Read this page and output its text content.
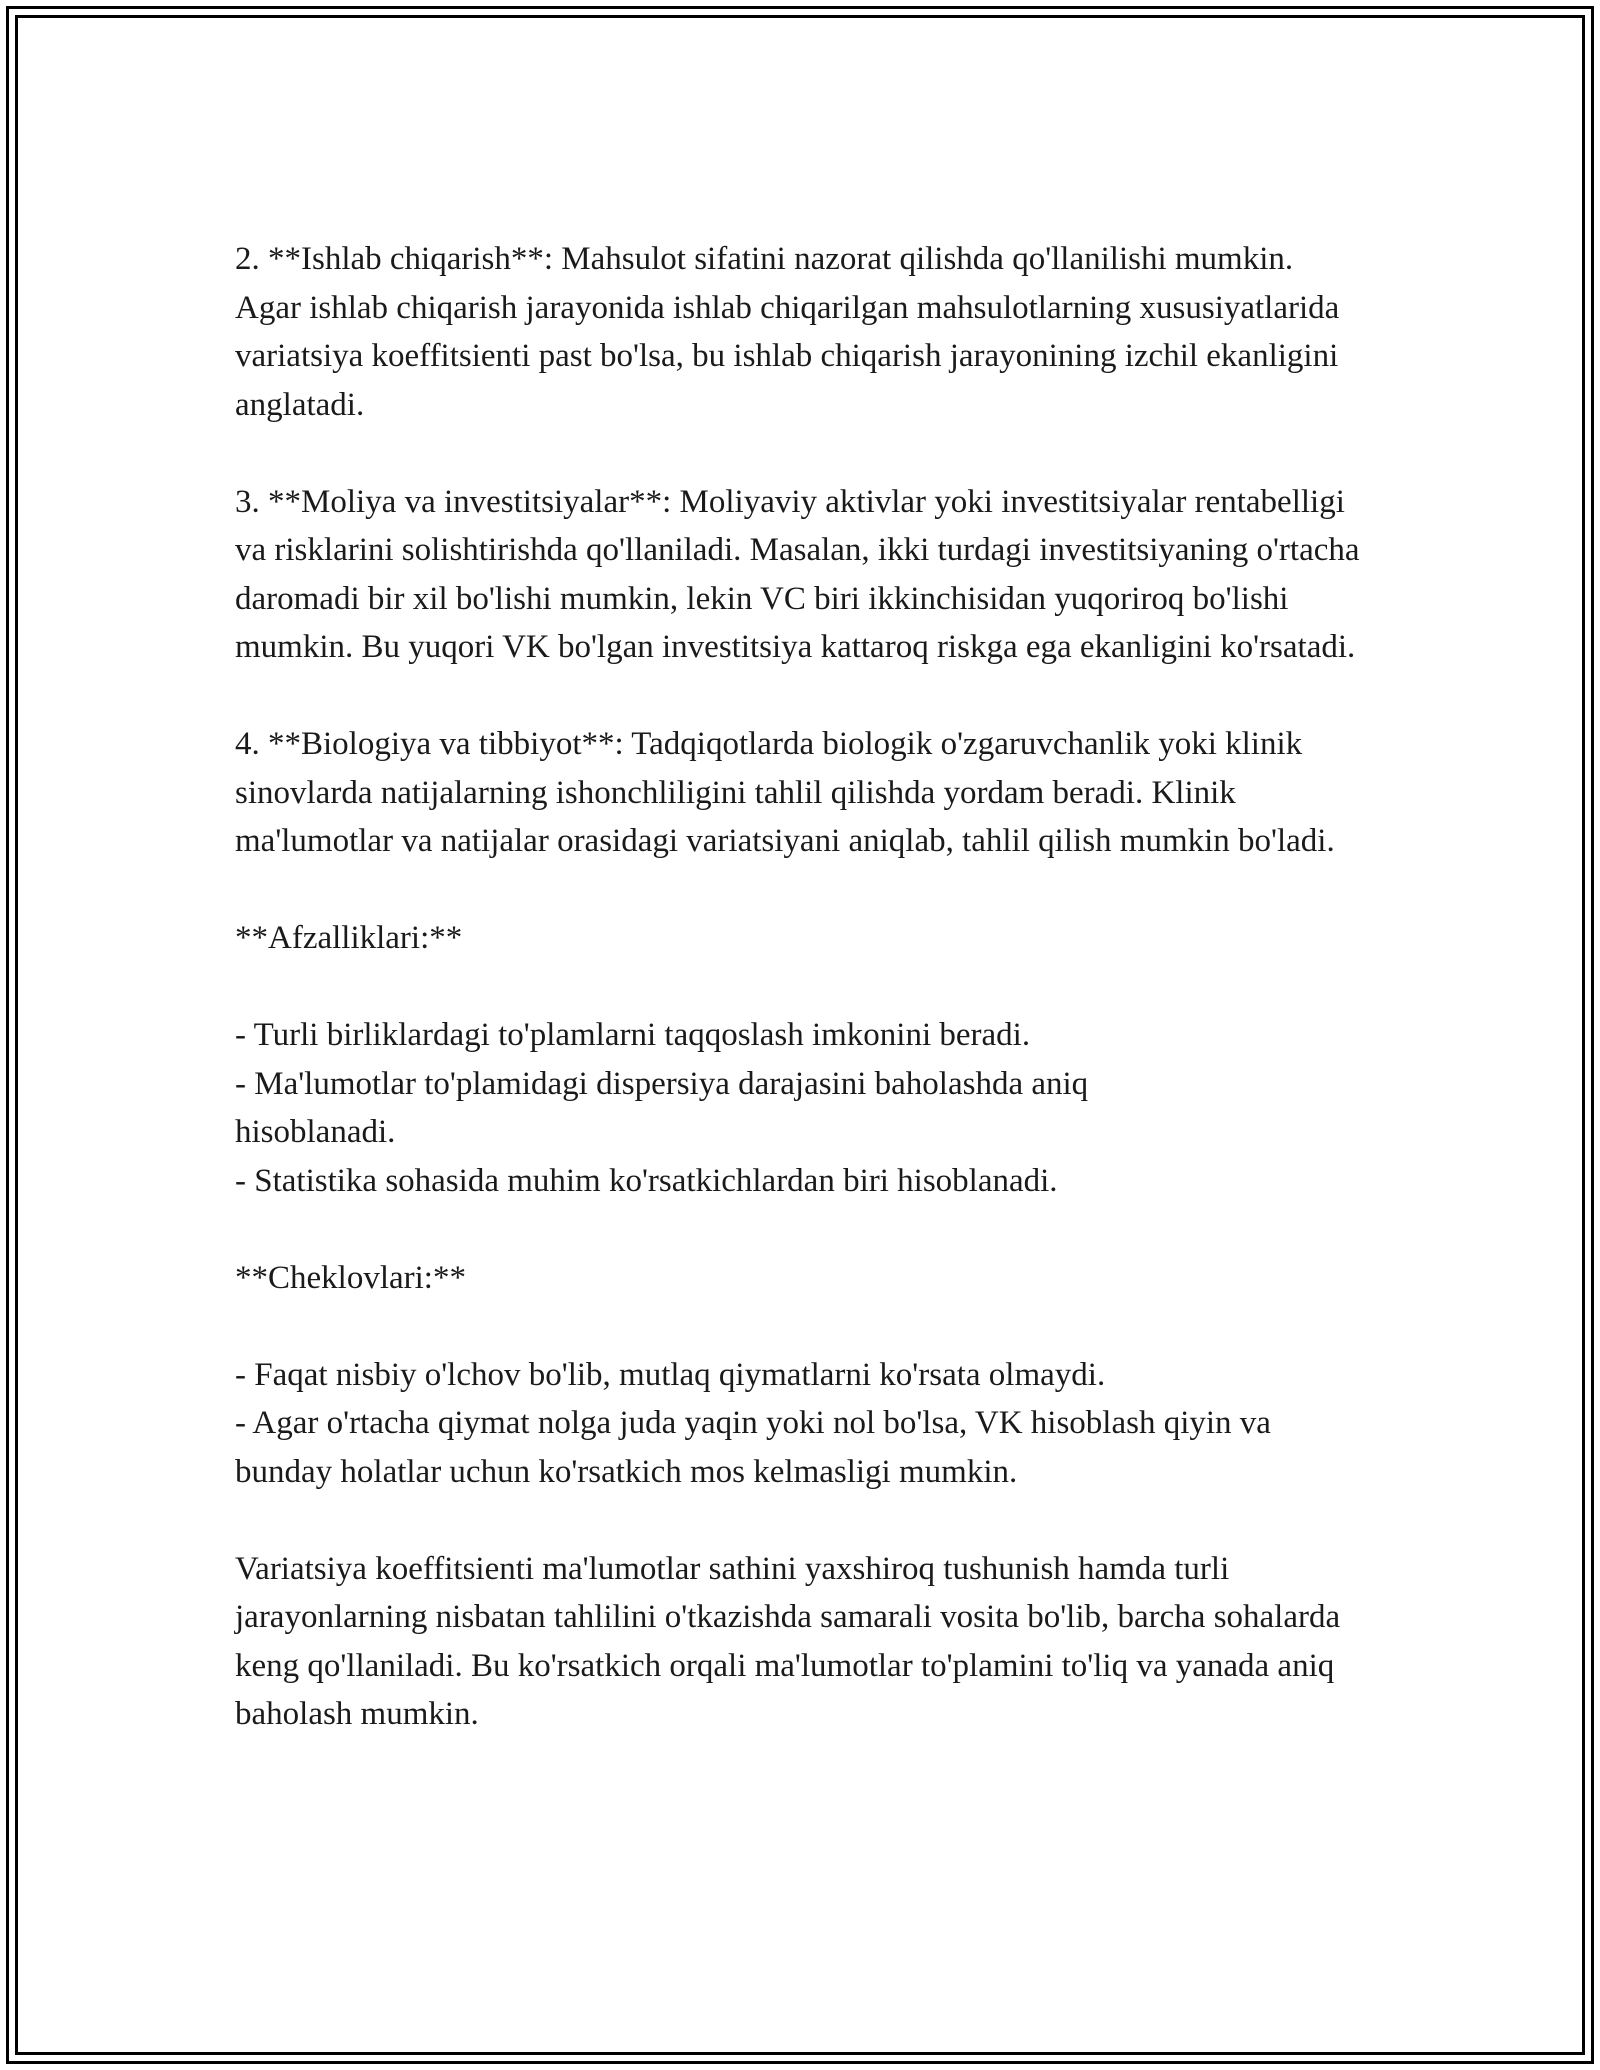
2. **Ishlab chiqarish**: Mahsulot sifatini nazorat qilishda qo'llanilishi mumkin. Agar ishlab chiqarish jarayonida ishlab chiqarilgan mahsulotlarning xususiyatlarida variatsiya koeffitsienti past bo'lsa, bu ishlab chiqarish jarayonining izchil ekanligini anglatadi.

3. **Moliya va investitsiyalar**: Moliyaviy aktivlar yoki investitsiyalar rentabelligi va risklarini solishtirishda qo'llaniladi. Masalan, ikki turdagi investitsiyaning o'rtacha daromadi bir xil bo'lishi mumkin, lekin VC biri ikkinchisidan yuqoriroq bo'lishi mumkin. Bu yuqori VK bo'lgan investitsiya kattaroq riskga ega ekanligini ko'rsatadi.

4. **Biologiya va tibbiyot**: Tadqiqotlarda biologik o'zgaruvchanlik yoki klinik sinovlarda natijalarning ishonchliligini tahlil qilishda yordam beradi. Klinik ma'lumotlar va natijalar orasidagi variatsiyani aniqlab, tahlil qilish mumkin bo'ladi.

**Afzalliklari:**

- Turli birliklardagi to'plamlarni taqqoslash imkonini beradi.

- Ma'lumotlar to'plamidagi dispersiya darajasini baholashda aniq hisoblanadi.

- Statistika sohasida muhim ko'rsatkichlardan biri hisoblanadi.

**Cheklovlari:**

- Faqat nisbiy o'lchov bo'lib, mutlaq qiymatlarni ko'rsata olmaydi.

- Agar o'rtacha qiymat nolga juda yaqin yoki nol bo'lsa, VK hisoblash qiyin va bunday holatlar uchun ko'rsatkich mos kelmasligi mumkin.

Variatsiya koeffitsienti ma'lumotlar sathini yaxshiroq tushunish hamda turli jarayonlarning nisbatan tahlilini o'tkazishda samarali vosita bo'lib, barcha sohalarda keng qo'llaniladi. Bu ko'rsatkich orqali ma'lumotlar to'plamini to'liq va yanada aniq baholash mumkin.
